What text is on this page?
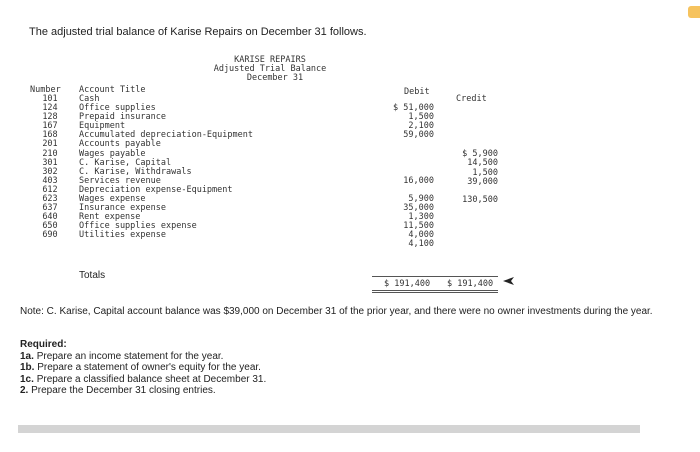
The adjusted trial balance of Karise Repairs on December 31 follows.
KARISE REPAIRS
Adjusted Trial Balance
December 31
Number Account Title	Debit
Credit
101
124
128
167
168
201
210
301
302
403
612
623
637
640
650
690
Cash
Office supplies
Prepaid insurance
Equipment
Accumulated depreciation-Equipment
Accounts payable
Wages payable
C. Karise, Capital
C. Karise, Withdrawals
Services revenue
Depreciation expense-Equipment
Wages expense
Insurance expense
Rent expense
Office supplies expense
Utilities expense
$ 51,000
1,500
2,100
59,000

16,000

5,900
35,000
1,300
11,500
4,000
4,100

$ 5,900
14,500
1,500
39,000

130,500

Totals
$ 191,400 $ 191,400
Note: C. Karise, Capital account balance was $39,000 on December 31 of the prior year, and there were no owner investments during the year.
Required:
1a. Prepare an income statement for the year.
1b. Prepare a statement of owner's equity for the year.
1c. Prepare a classified balance sheet at December 31.
2. Prepare the December 31 closing entries.
